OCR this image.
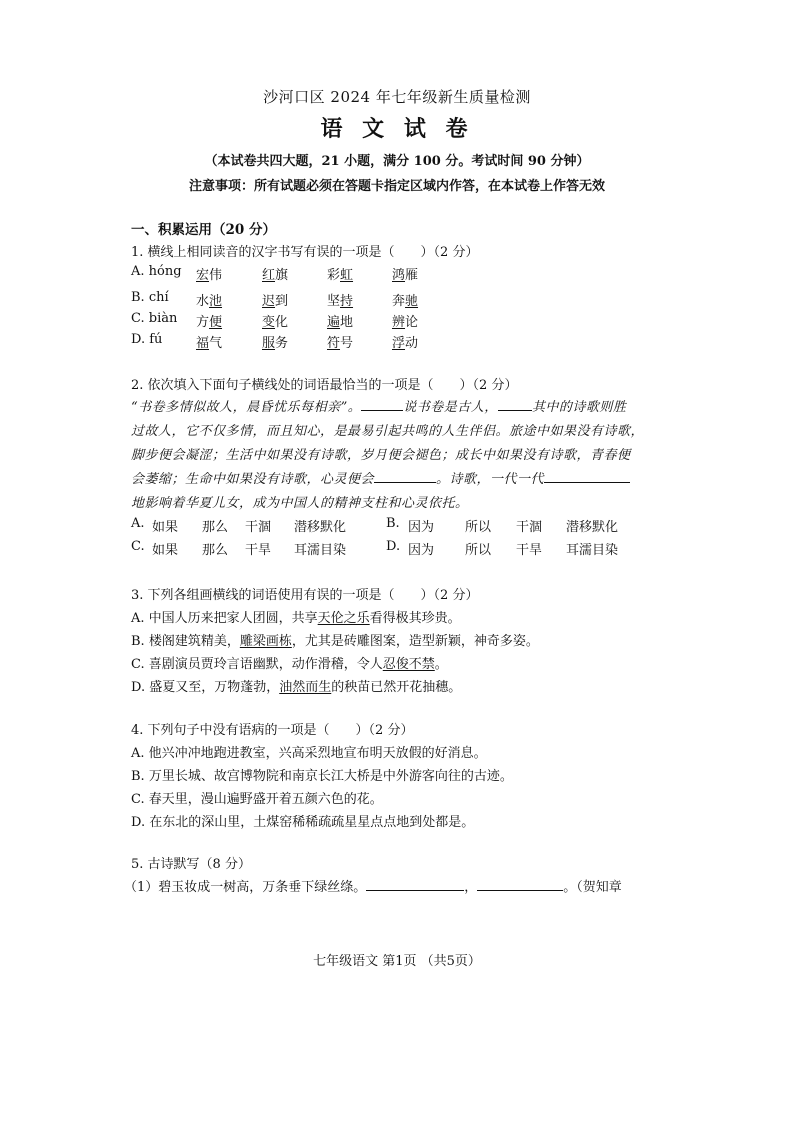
沙河口区 2024 年七年级新生质量检测
语 文 试 卷
（本试卷共四大题，21 小题，满分 100 分。考试时间 90 分钟）
注意事项：所有试题必须在答题卡指定区域内作答，在本试卷上作答无效
一、积累运用（20 分）
1. 横线上相同读音的汉字书写有误的一项是（　　）（2 分）
A. hóng 宏伟	红旗	彩虹	鸿雁
B. chí 水池	迟到	坚持	奔驰
C. biàn 方便	变化	遍地	辨论
D. fú	福气	服务	符号	浮动
2. 依次填入下面句子横线处的词语最恰当的一项是（　　）（2 分）
“书卷多情似故人，晨昏忧乐每相亲”。	说书卷是古人，	其中的诗歌则胜
过故人，它不仅多情，而且知心，是最易引起共鸣的人生伴侣。旅途中如果没有诗歌，
脚步便会凝涩；生活中如果没有诗歌，岁月便会褪色；成长中如果没有诗歌，青春便
会萎缩；生命中如果没有诗歌，心灵便会	。诗歌，一代一代
地影响着华夏儿女，成为中国人的精神支柱和心灵依托。
A. 如果 那么 干涸 潜移默化	B. 因为 所以 干涸 潜移默化
C. 如果 那么 干旱 耳濡目染	D. 因为 所以 干旱 耳濡目染
3. 下列各组画横线的词语使用有误的一项是（　　）（2 分）
A. 中国人历来把家人团圆，共享天伦之乐看得极其珍贵。
B. 楼阁建筑精美，雕梁画栋，尤其是砖雕图案，造型新颖，神奇多姿。
C. 喜剧演员贾玲言语幽默，动作滑稽，令人忍俊不禁。
D. 盛夏又至，万物蓬勃，油然而生的秧苗已然开花抽穗。
4. 下列句子中没有语病的一项是（　　）（2 分）
A. 他兴冲冲地跑进教室，兴高采烈地宣布明天放假的好消息。
B. 万里长城、故宫博物院和南京长江大桥是中外游客向往的古迹。
C. 春天里，漫山遍野盛开着五颜六色的花。
D. 在东北的深山里，土煤窑稀稀疏疏星星点点地到处都是。
5. 古诗默写（8 分）
（1）碧玉妆成一树高，万条垂下绿丝绦。	，	。（贺知章
七年级语文 第1页 （共5页）
